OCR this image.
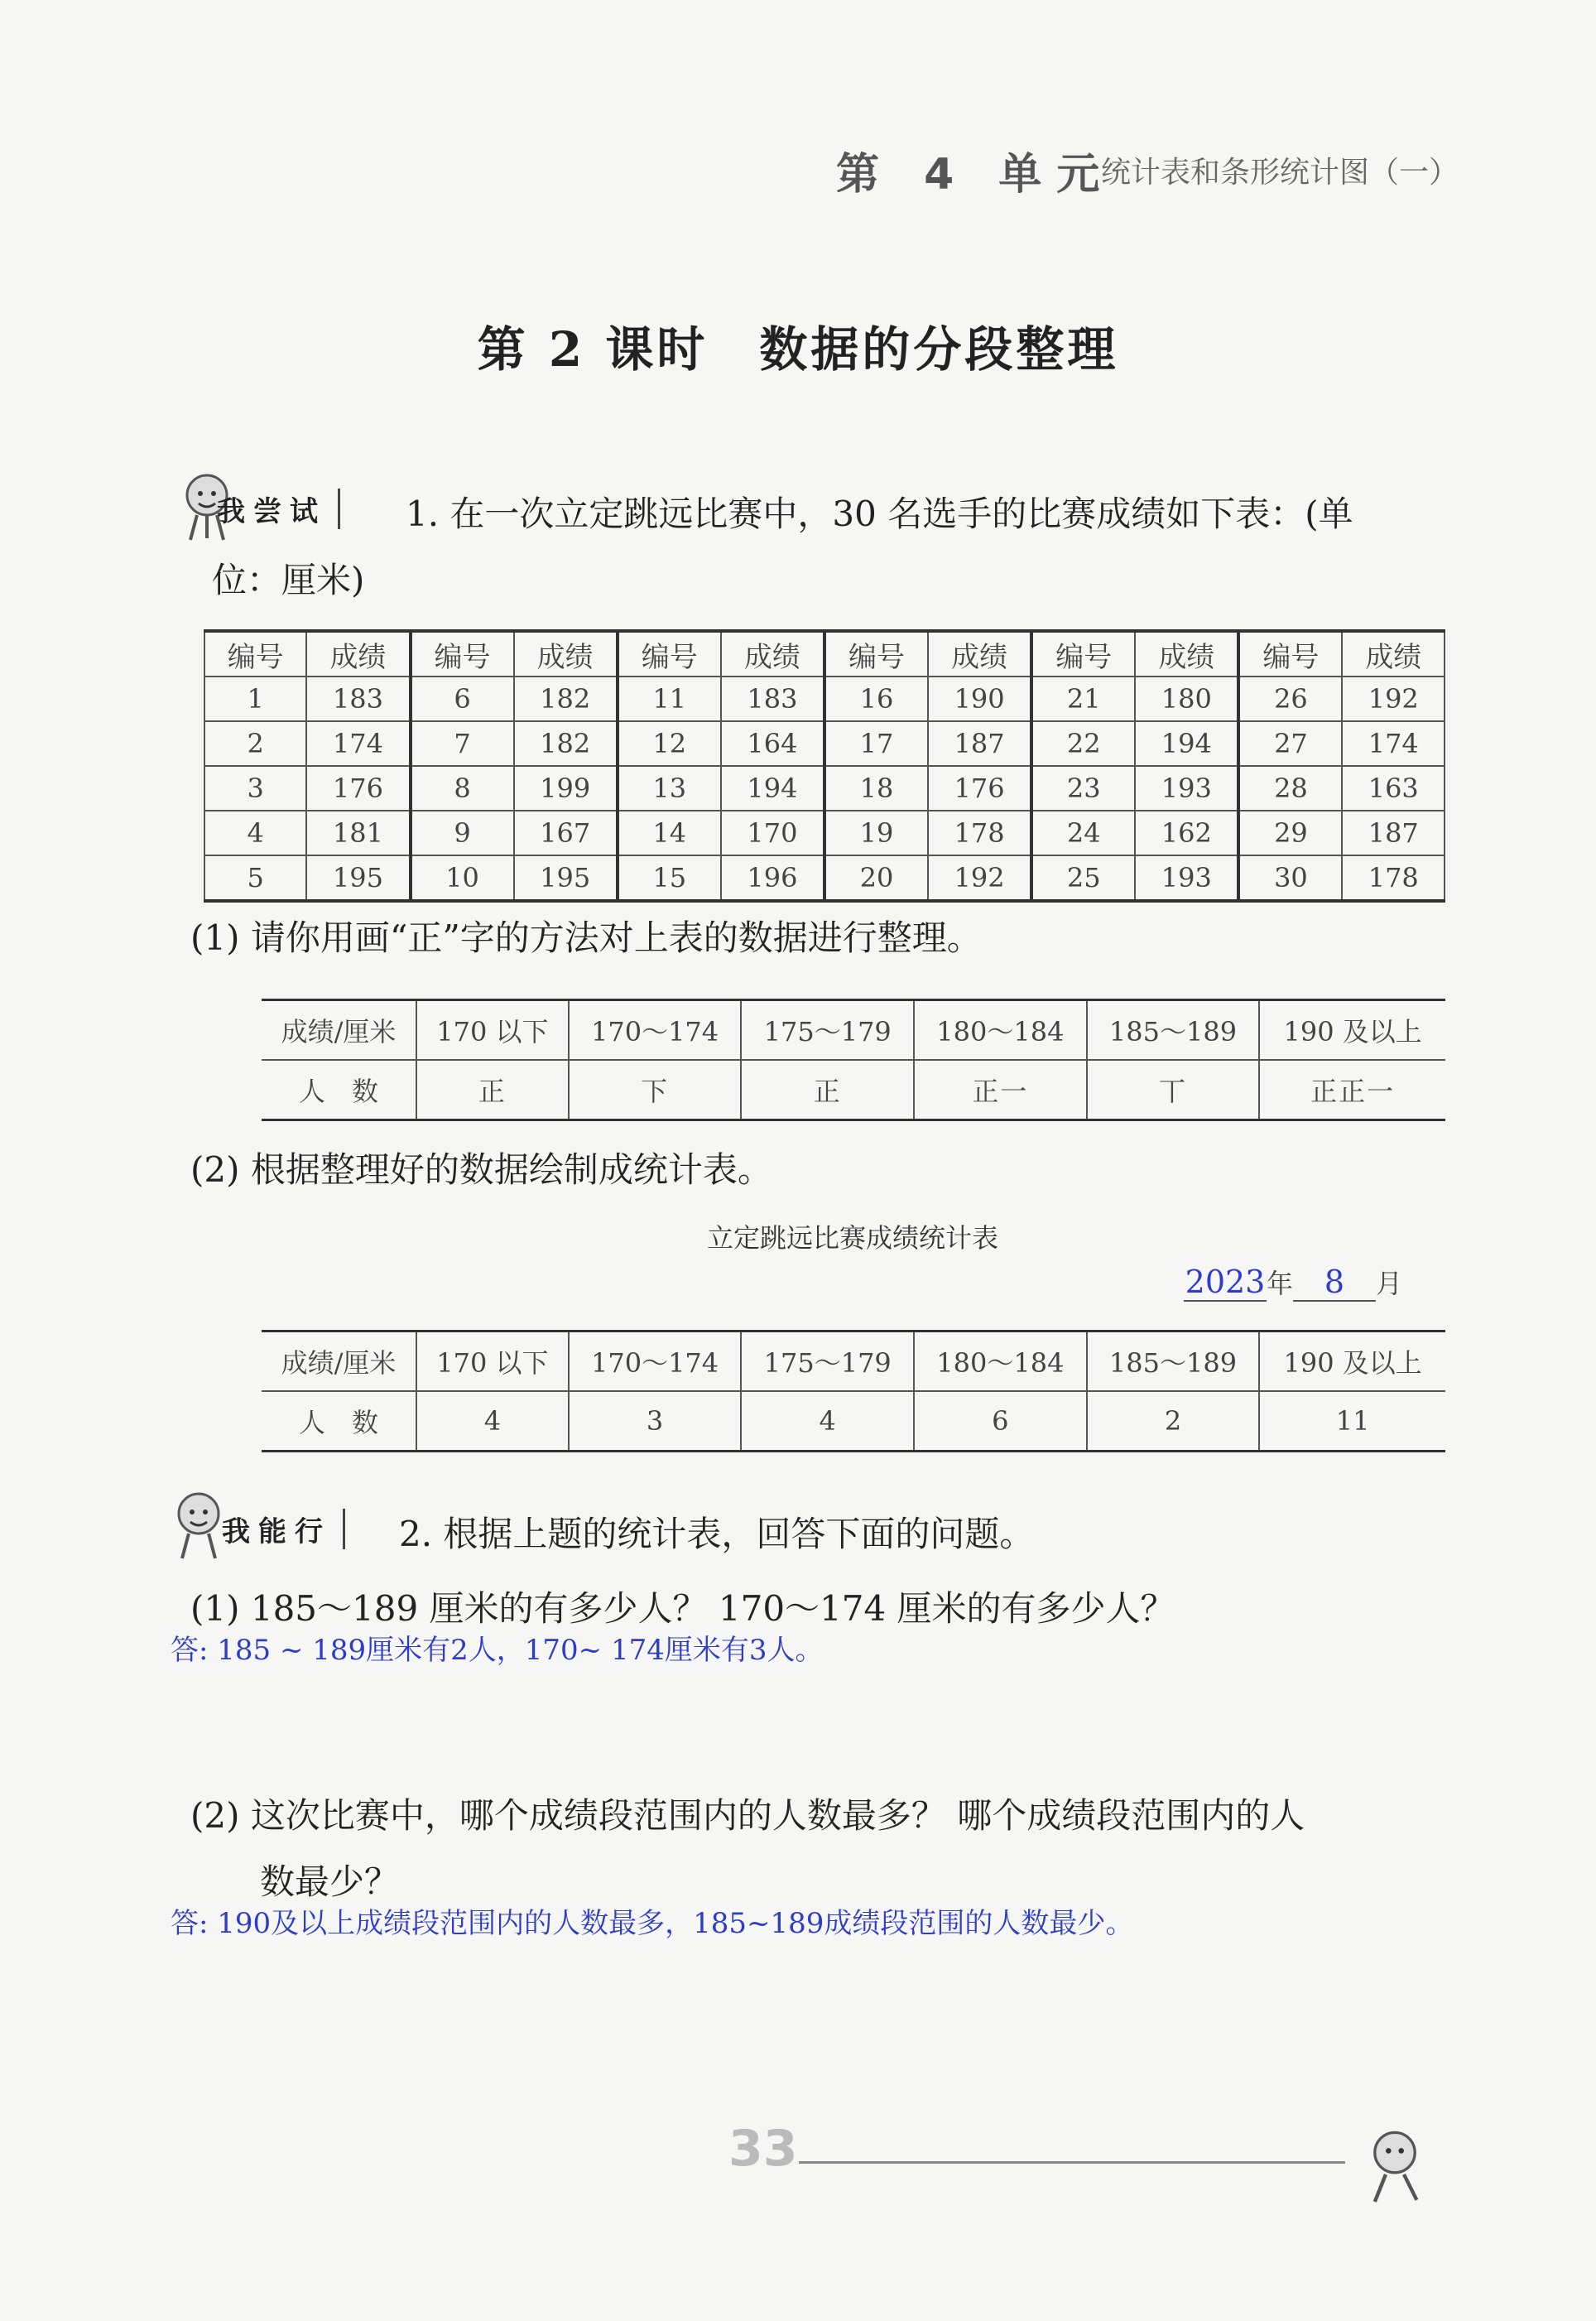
第 4 单元
统计表和条形统计图（一）
第 2 课时　数据的分段整理
我尝试	1. 在一次立定跳远比赛中，30 名选手的比赛成绩如下表：(单
位：厘米)
编号	成绩	编号	成绩	编号	成绩	编号	成绩	编号	成绩	编号	成绩
1	183	6	182	11	183	16	190	21	180	26	192
2	174	7	182	12	164	17	187	22	194	27	174
3	176	8	199	13	194	18	176	23	193	28	163
4	181	9	167	14	170	19	178	24	162	29	187
5	195	10	195	15	196	20	192	25	193	30	178
(1) 请你用画“正”字的方法对上表的数据进行整理。
成绩/厘米	170 以下	170～174	175～179	180～184	185～189	190 及以上
人　数	正	下	正	正一	丅	正正一
(2) 根据整理好的数据绘制成统计表。
立定跳远比赛成绩统计表
2023年 8 月
成绩/厘米	170 以下	170～174	175～179	180～184	185～189	190 及以上
人　数	4	3	4	6	2	11
我能行	2. 根据上题的统计表，回答下面的问题。
(1) 185～189 厘米的有多少人？ 170～174 厘米的有多少人？
答: 185 ~ 189厘米有2人，170~ 174厘米有3人。
(2) 这次比赛中，哪个成绩段范围内的人数最多？ 哪个成绩段范围内的人
数最少？
答: 190及以上成绩段范围内的人数最多，185~189成绩段范围的人数最少。
33
